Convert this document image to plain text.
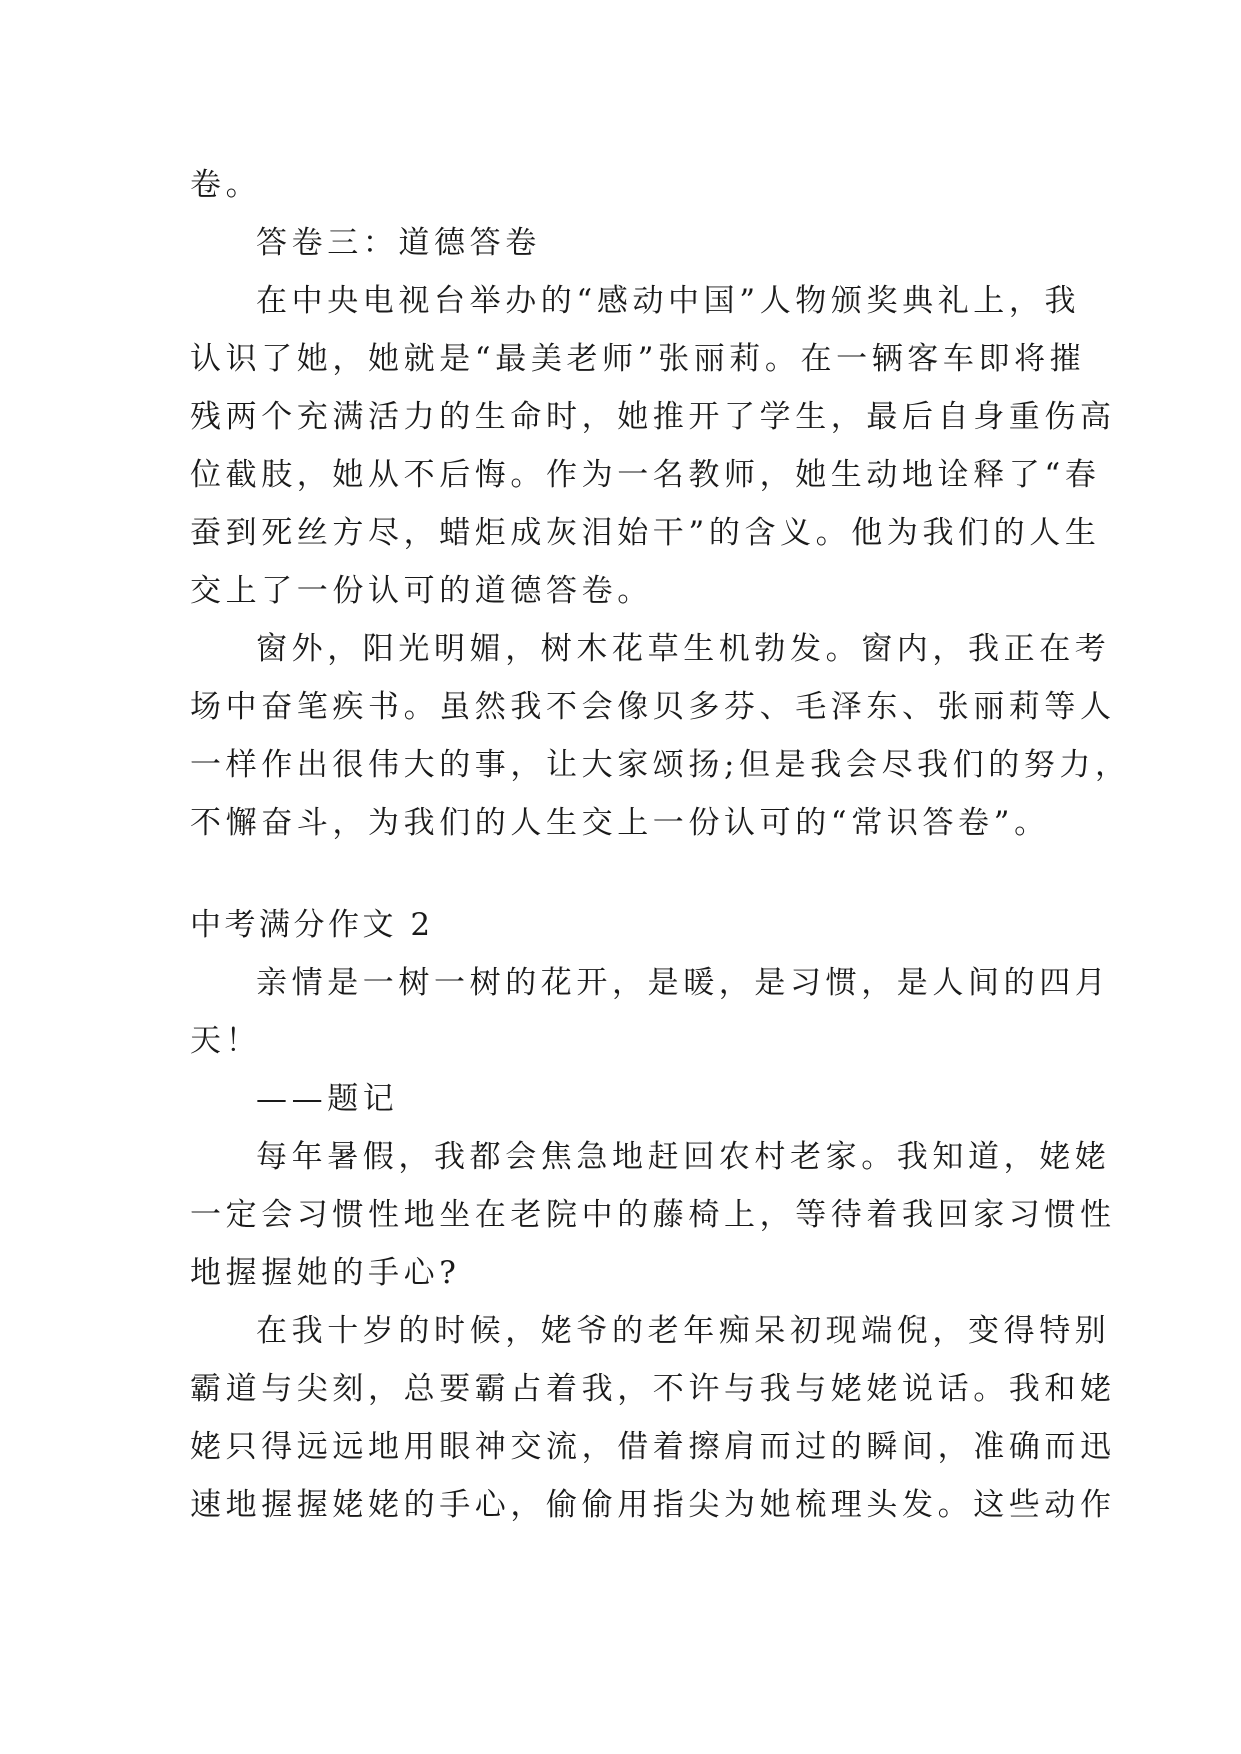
卷。
答卷三：道德答卷
在中央电视台举办的“感动中国”人物颁奖典礼上，我
认识了她，她就是“最美老师”张丽莉。在一辆客车即将摧
残两个充满活力的生命时，她推开了学生，最后自身重伤高
位截肢，她从不后悔。作为一名教师，她生动地诠释了“春
蚕到死丝方尽，蜡炬成灰泪始干”的含义。他为我们的人生
交上了一份认可的道德答卷。
窗外，阳光明媚，树木花草生机勃发。窗内，我正在考
场中奋笔疾书。虽然我不会像贝多芬、毛泽东、张丽莉等人
一样作出很伟大的事，让大家颂扬;但是我会尽我们的努力，
不懈奋斗，为我们的人生交上一份认可的“常识答卷”。
中考满分作文 2
亲情是一树一树的花开，是暖，是习惯，是人间的四月
天！
——题记
每年暑假，我都会焦急地赶回农村老家。我知道，姥姥
一定会习惯性地坐在老院中的藤椅上，等待着我回家习惯性
地握握她的手心?
在我十岁的时候，姥爷的老年痴呆初现端倪，变得特别
霸道与尖刻，总要霸占着我，不许与我与姥姥说话。我和姥
姥只得远远地用眼神交流，借着擦肩而过的瞬间，准确而迅
速地握握姥姥的手心，偷偷用指尖为她梳理头发。这些动作
